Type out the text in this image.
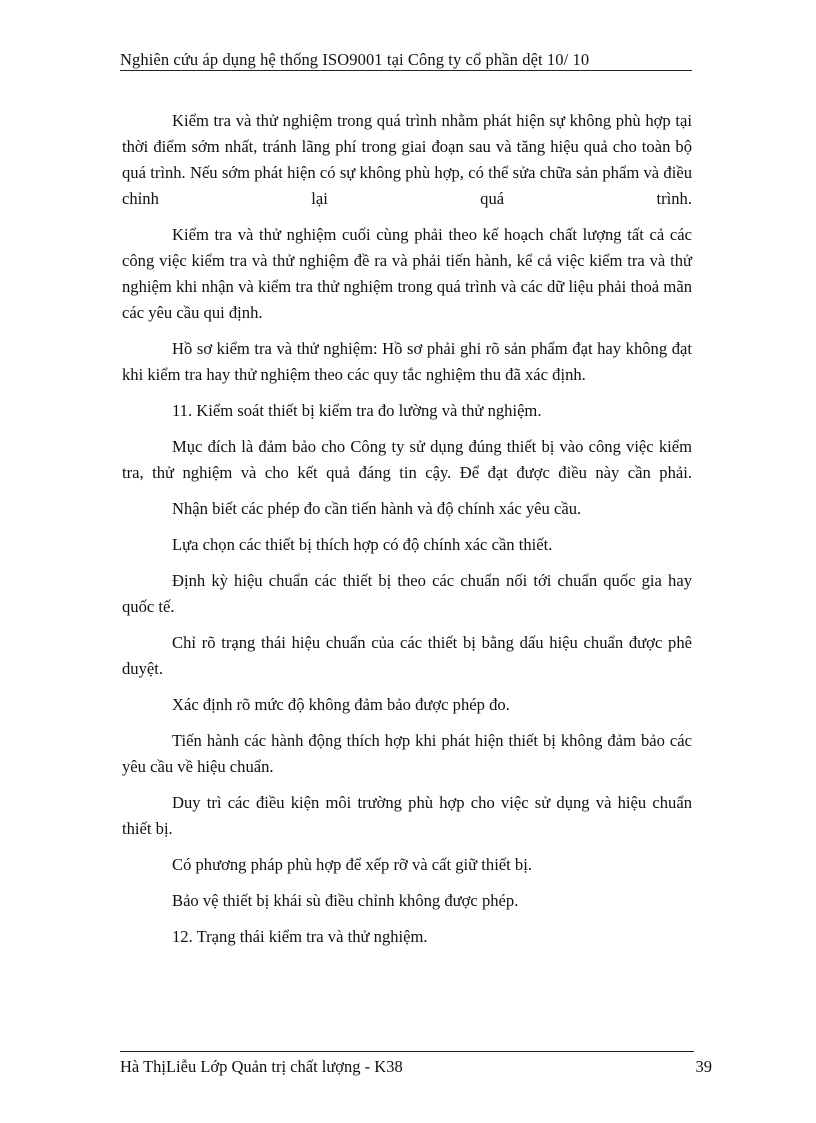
Nghiên cứu áp dụng hệ thống ISO9001 tại Công ty cổ phần dệt 10/ 10

Kiểm tra và thử nghiệm trong quá trình nhằm phát hiện sự không phù hợp tại thời điểm sớm nhất, tránh lãng phí trong giai đoạn sau và tăng hiệu quả cho toàn bộ quá trình. Nếu sớm phát hiện có sự không phù hợp, có thể sửa chữa sản phẩm và điều chỉnh lại quá trình.

Kiểm tra và thử nghiệm cuối cùng phải theo kế hoạch chất lượng tất cả các công việc kiểm tra và thử nghiệm đề ra và phải tiến hành, kể cả việc kiểm tra và thử nghiệm khi nhận và kiểm tra thử nghiệm trong quá trình và các dữ liệu phải thoả mãn các yêu cầu qui định.

Hồ sơ kiểm tra và thử nghiệm: Hồ sơ phải ghi rõ sản phẩm đạt hay không đạt khi kiểm tra hay thử nghiệm theo các quy tắc nghiệm thu đã xác định.

11. Kiểm soát thiết bị kiểm tra đo lường và thử nghiệm.

Mục đích là đảm bảo cho Công ty sử dụng đúng thiết bị vào công việc kiểm tra, thử nghiệm và cho kết quả đáng tin cậy. Để đạt được điều này cần phải.

Nhận biết các phép đo cần tiến hành và độ chính xác yêu cầu.

Lựa chọn các thiết bị thích hợp có độ chính xác cần thiết.

Định kỳ hiệu chuẩn các thiết bị theo các chuẩn nối tới chuẩn quốc gia hay quốc tế.

Chỉ rõ trạng thái hiệu chuẩn của các thiết bị bằng dấu hiệu chuẩn được phê duyệt.

Xác định rõ mức độ không đảm bảo được phép đo.

Tiến hành các hành động thích hợp khi phát hiện thiết bị không đảm bảo các yêu cầu về hiệu chuẩn.

Duy trì các điều kiện môi trường phù hợp cho việc sử dụng và hiệu chuẩn thiết bị.

Có phương pháp phù hợp để xếp rỡ và cất giữ thiết bị.

Bảo vệ thiết bị khái sù điều chỉnh không được phép.

12. Trạng thái kiểm tra và thử nghiệm.

Hà ThịLiễu Lớp Quản trị chất lượng - K38	39
